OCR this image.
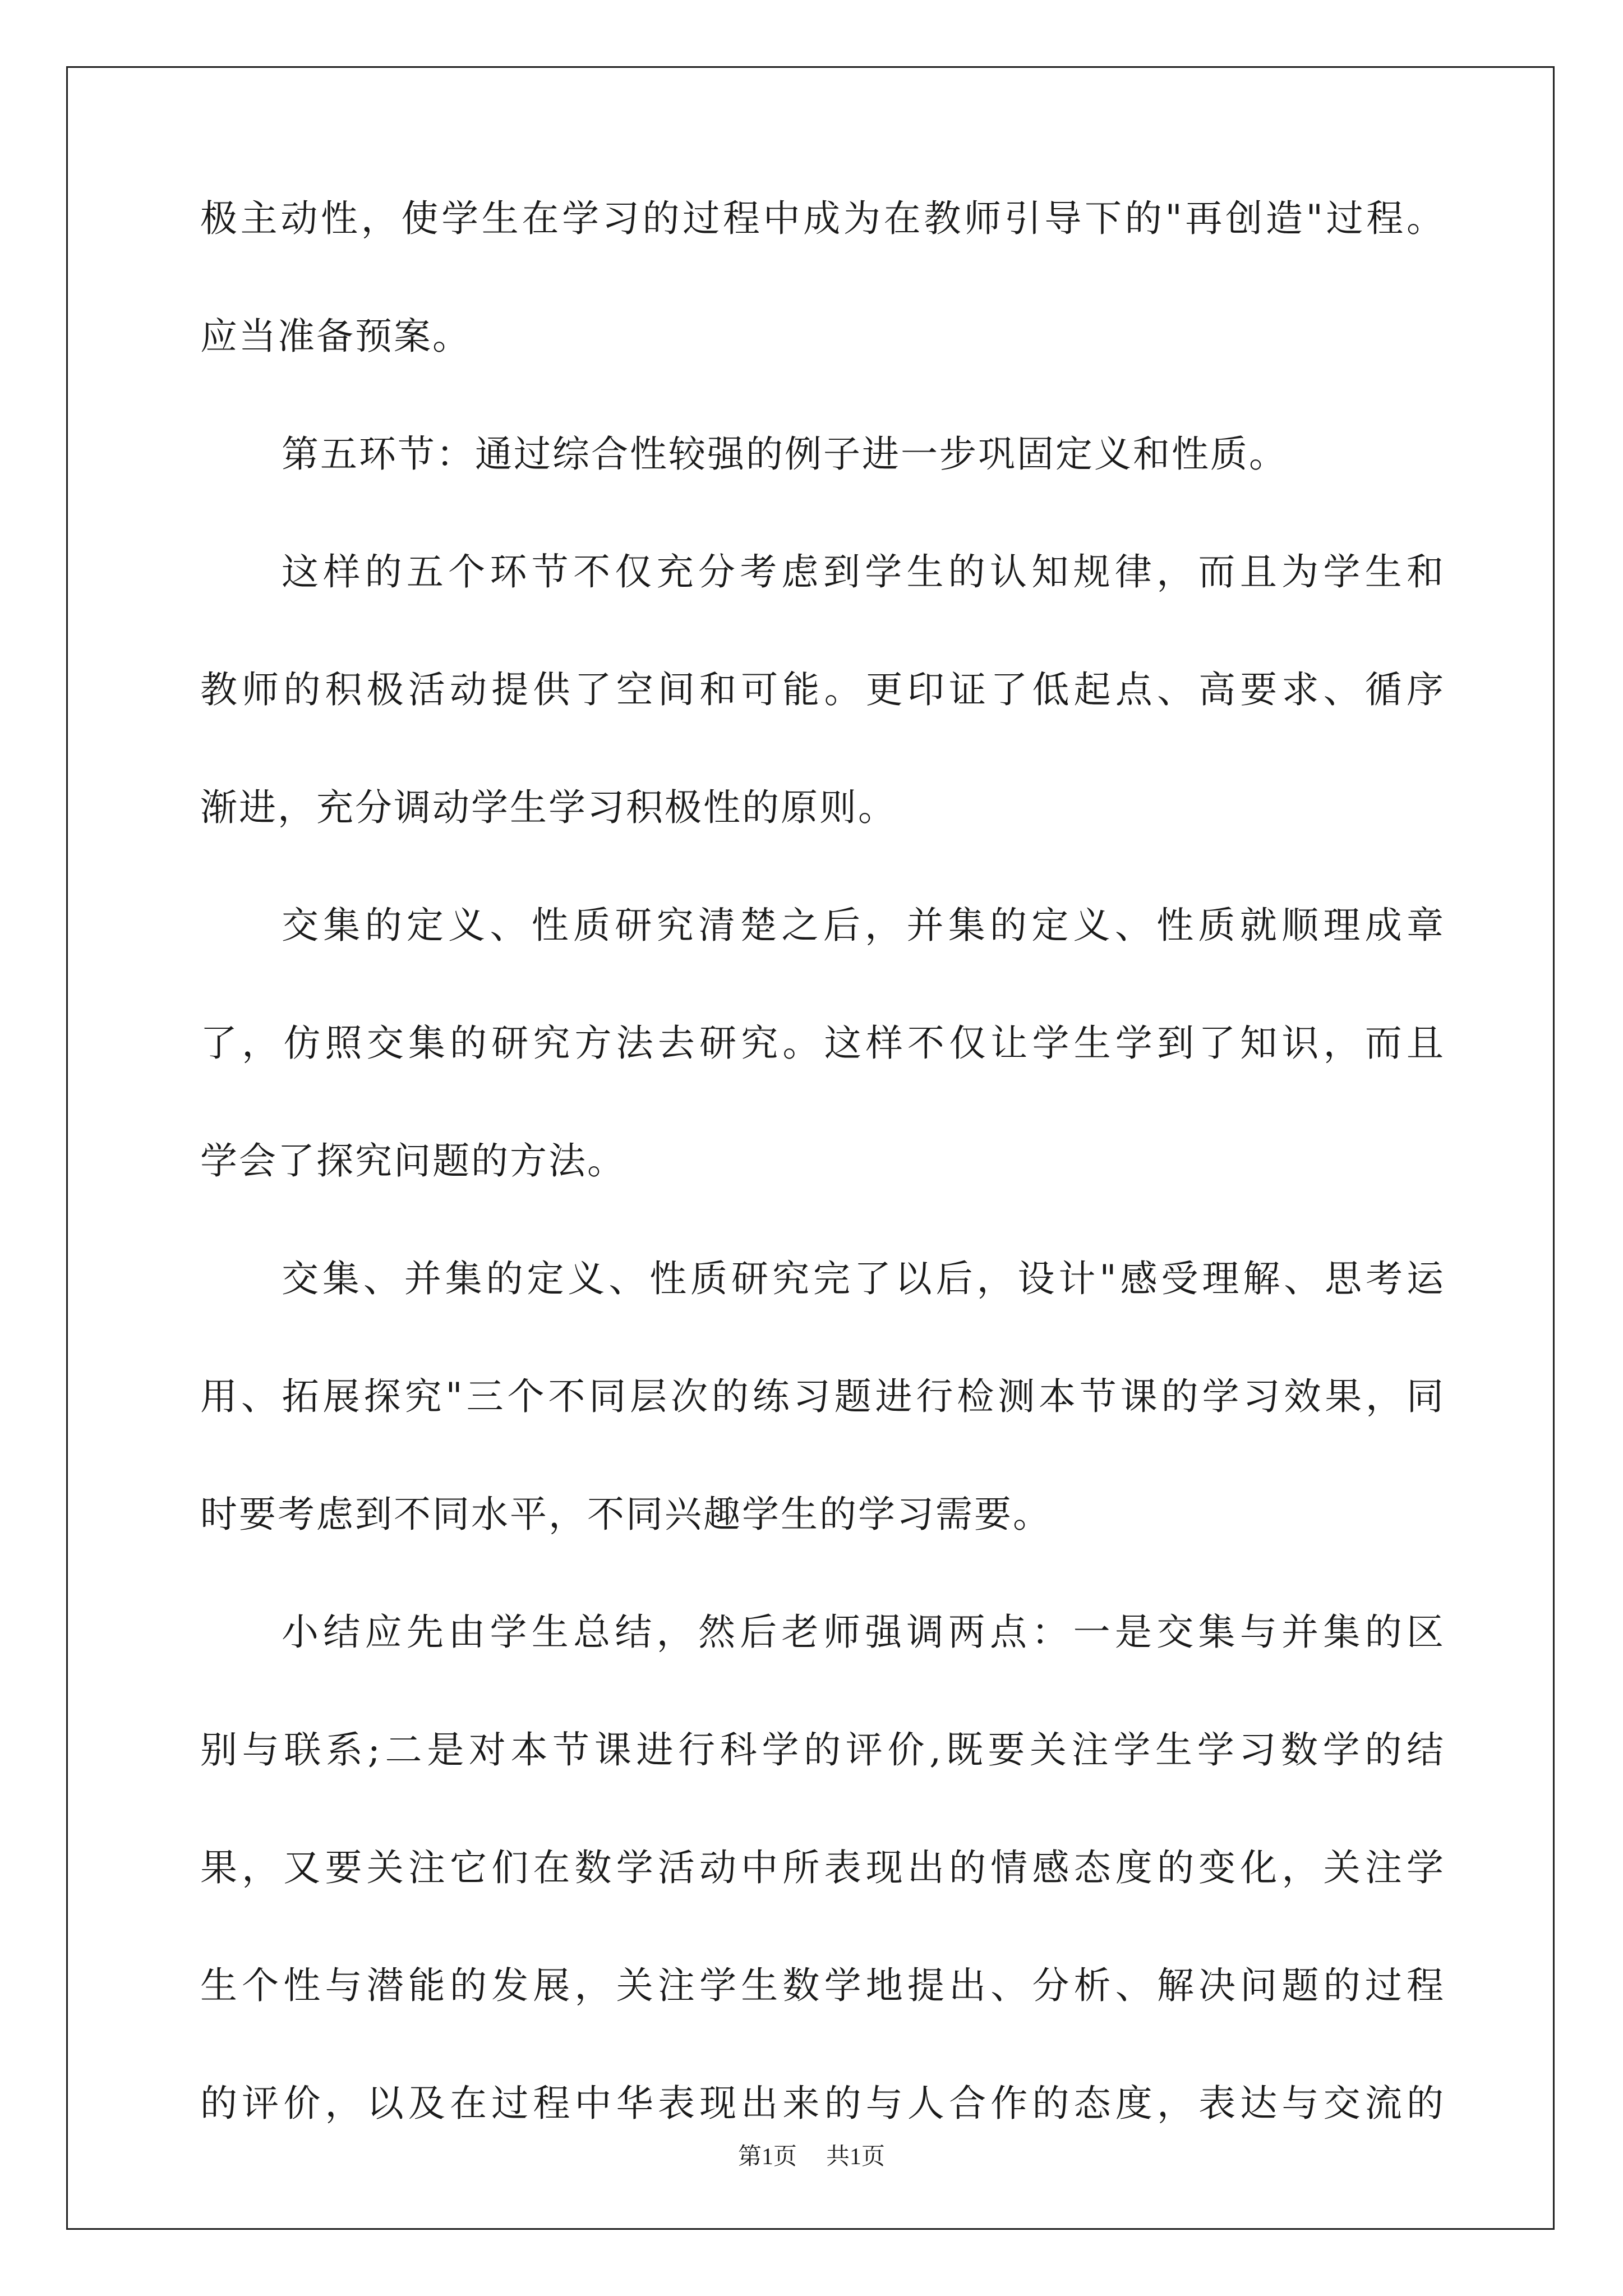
极主动性，使学生在学习的过程中成为在教师引导下的"再创造"过程。
应当准备预案。
第五环节：通过综合性较强的例子进一步巩固定义和性质。
这样的五个环节不仅充分考虑到学生的认知规律，而且为学生和
教师的积极活动提供了空间和可能。更印证了低起点、高要求、循序
渐进，充分调动学生学习积极性的原则。
交集的定义、性质研究清楚之后，并集的定义、性质就顺理成章
了，仿照交集的研究方法去研究。这样不仅让学生学到了知识，而且
学会了探究问题的方法。
交集、并集的定义、性质研究完了以后，设计"感受理解、思考运
用、拓展探究"三个不同层次的练习题进行检测本节课的学习效果，同
时要考虑到不同水平，不同兴趣学生的学习需要。
小结应先由学生总结，然后老师强调两点：一是交集与并集的区
别与联系;二是对本节课进行科学的评价,既要关注学生学习数学的结
果，又要关注它们在数学活动中所表现出的情感态度的变化，关注学
生个性与潜能的发展，关注学生数学地提出、分析、解决问题的过程
的评价，以及在过程中华表现出来的与人合作的态度，表达与交流的
第1页 共1页
